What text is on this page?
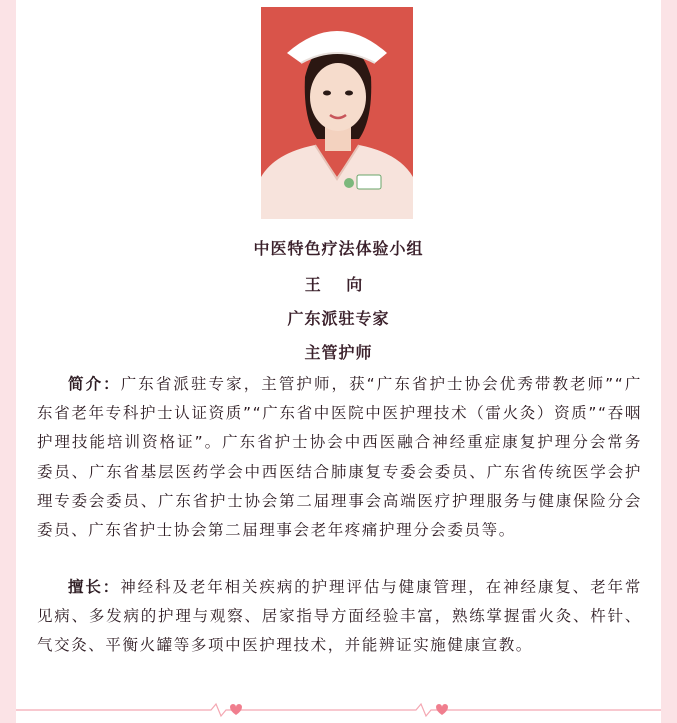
中医特色疗法体验小组
王 向
广东派驻专家
主管护师
简介：广东省派驻专家，主管护师，获“广东省护士协会优秀带教老师”“广东省老年专科护士认证资质”“广东省中医院中医护理技术（雷火灸）资质”“吞咽护理技能培训资格证”。广东省护士协会中西医融合神经重症康复护理分会常务委员、广东省基层医药学会中西医结合肺康复专委会委员、广东省传统医学会护理专委会委员、广东省护士协会第二届理事会高端医疗护理服务与健康保险分会委员、广东省护士协会第二届理事会老年疼痛护理分会委员等。
擅长：神经科及老年相关疾病的护理评估与健康管理，在神经康复、老年常见病、多发病的护理与观察、居家指导方面经验丰富，熟练掌握雷火灸、杵针、气交灸、平衡火罐等多项中医护理技术，并能辨证实施健康宣教。
